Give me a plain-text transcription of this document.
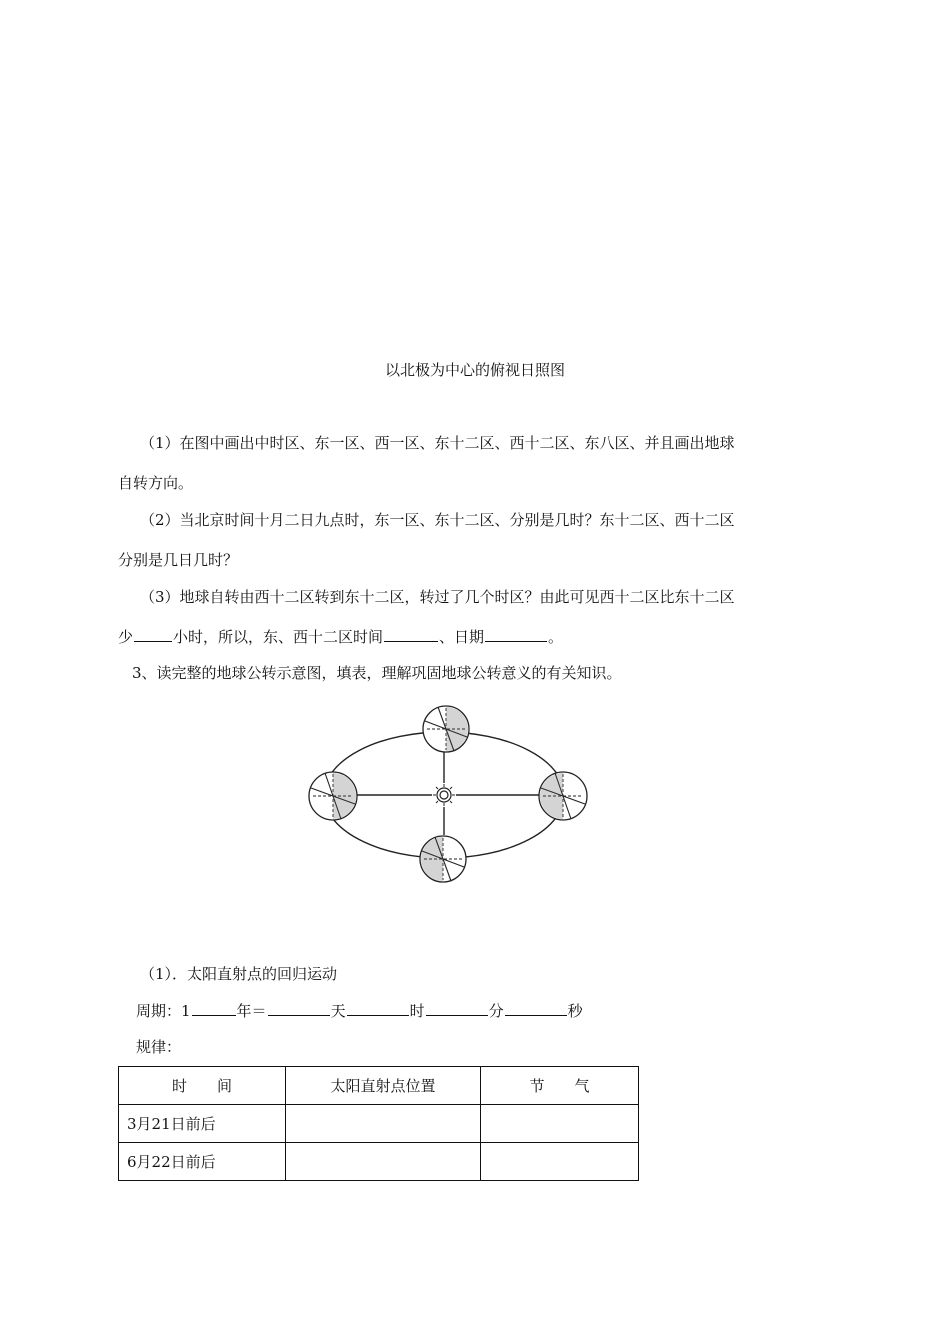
以北极为中心的俯视日照图
（1）在图中画出中时区、东一区、西一区、东十二区、西十二区、东八区、并且画出地球
自转方向。
（2）当北京时间十月二日九点时，东一区、东十二区、分别是几时？东十二区、西十二区
分别是几日几时？
（3）地球自转由西十二区转到东十二区，转过了几个时区？由此可见西十二区比东十二区
少	小时，所以，东、西十二区时间	、日期	。
3、读完整的地球公转示意图，填表，理解巩固地球公转意义的有关知识。
（1）．太阳直射点的回归运动
周期：1	年＝	天	时	分	秒
规律：
时　　间	太阳直射点位置	节　　气
3月21日前后		
6月22日前后		
